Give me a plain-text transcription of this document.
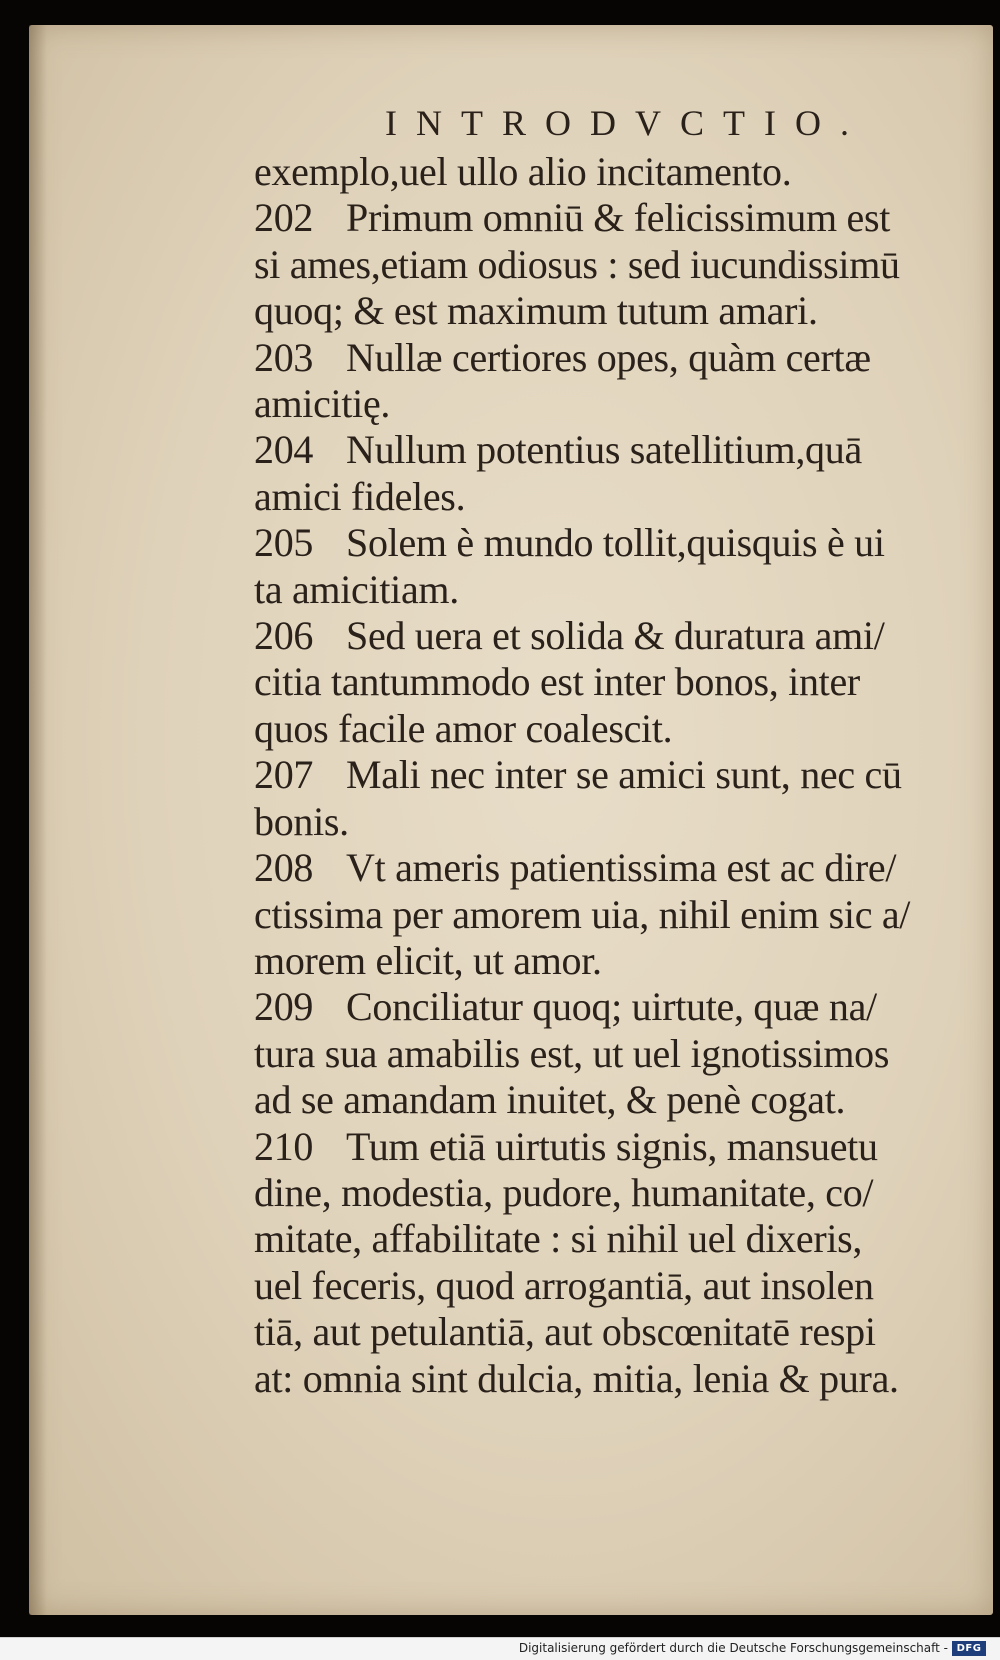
INTRODVCTIO.
exemplo,uel ullo alio incitamento.
202 Primum omniū & felicissimum est
si ames,etiam odiosus : sed iucundissimū
quoq; & est maximum tutum amari.
203 Nullæ certiores opes, quàm certæ
amicitię.
204 Nullum potentius satellitium,quā
amici fideles.
205 Solem è mundo tollit,quisquis è ui
ta amicitiam.
206 Sed uera et solida & duratura ami/
citia tantummodo est inter bonos, inter
quos facile amor coalescit.
207 Mali nec inter se amici sunt, nec cū
bonis.
208 Vt ameris patientissima est ac dire/
ctissima per amorem uia, nihil enim sic a/
morem elicit, ut amor.
209 Conciliatur quoq; uirtute, quæ na/
tura sua amabilis est, ut uel ignotissimos
ad se amandam inuitet, & penè cogat.
210 Tum etiā uirtutis signis, mansuetu
dine, modestia, pudore, humanitate, co/
mitate, affabilitate : si nihil uel dixeris,
uel feceris, quod arrogantiā, aut insolen
tiā, aut petulantiā, aut obscœnitatē respi
at: omnia sint dulcia, mitia, lenia & pura.
Digitalisierung gefördert durch die Deutsche Forschungsgemeinschaft - DFG
